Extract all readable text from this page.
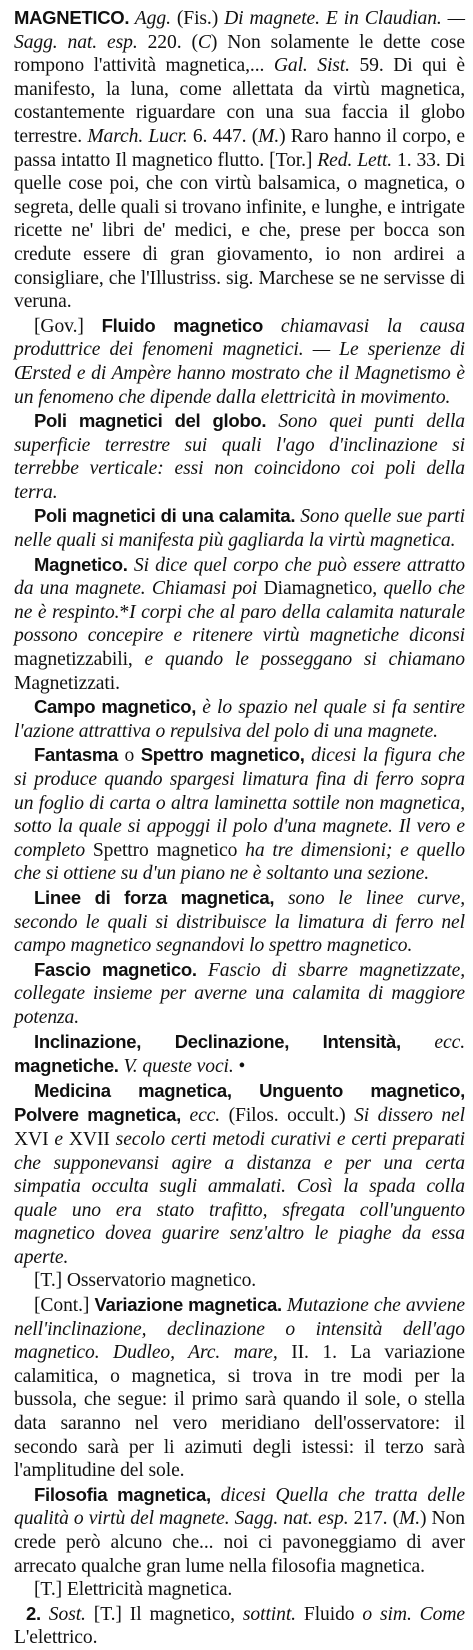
MAGNETICO. Agg. (Fis.) Di magnete. E in Claudian. — Sagg. nat. esp. 220. (C) Non solamente le dette cose rompono l'attività magnetica,... Gal. Sist. 59. Di qui è manifesto, la luna, come allettata da virtù magnetica, costantemente riguardare con una sua faccia il globo terrestre. March. Lucr. 6. 447. (M.) Raro hanno il corpo, e passa intatto Il magnetico flutto. [Tor.] Red. Lett. 1. 33. Di quelle cose poi, che con virtù balsamica, o magnetica, o segreta, delle quali si trovano infinite, e lunghe, e intrigate ricette ne' libri de' medici, e che, prese per bocca son credute essere di gran giovamento, io non ardirei a consigliare, che l'Illustriss. sig. Marchese se ne servisse di veruna.

[Gov.] Fluido magnetico chiamavasi la causa produttrice dei fenomeni magnetici. — Le sperienze di Œrsted e di Ampère hanno mostrato che il Magnetismo è un fenomeno che dipende dalla elettricità in movimento.

Poli magnetici del globo. Sono quei punti della superficie terrestre sui quali l'ago d'inclinazione si terrebbe verticale: essi non coincidono coi poli della terra.

Poli magnetici di una calamita. Sono quelle sue parti nelle quali si manifesta più gagliarda la virtù magnetica.

Magnetico. Si dice quel corpo che può essere attratto da una magnete. Chiamasi poi Diamagnetico, quello che ne è respinto.*I corpi che al paro della calamita naturale possono concepire e ritenere virtù magnetiche diconsi magnetizzabili, e quando le posseggano si chiamano Magnetizzati.

Campo magnetico, è lo spazio nel quale si fa sentire l'azione attrattiva o repulsiva del polo di una magnete.

Fantasma o Spettro magnetico, dicesi la figura che si produce quando spargesi limatura fina di ferro sopra un foglio di carta o altra laminetta sottile non magnetica, sotto la quale si appoggi il polo d'una magnete. Il vero e completo Spettro magnetico ha tre dimensioni; e quello che si ottiene su d'un piano ne è soltanto una sezione.

Linee di forza magnetica, sono le linee curve, secondo le quali si distribuisce la limatura di ferro nel campo magnetico segnandovi lo spettro magnetico.

Fascio magnetico. Fascio di sbarre magnetizzate, collegate insieme per averne una calamita di maggiore potenza.

Inclinazione, Declinazione, Intensità, ecc. magnetiche. V. queste voci. •

Medicina magnetica, Unguento magnetico, Polvere magnetica, ecc. (Filos. occult.) Si dissero nel XVI e XVII secolo certi metodi curativi e certi preparati che supponevansi agire a distanza e per una certa simpatia occulta sugli ammalati. Così la spada colla quale uno era stato trafitto, sfregata coll'unguento magnetico dovea guarire senz'altro le piaghe da essa aperte.

[T.] Osservatorio magnetico.

[Cont.] Variazione magnetica. Mutazione che avviene nell'inclinazione, declinazione o intensità dell'ago magnetico. Dudleo, Arc. mare, II. 1. La variazione calamitica, o magnetica, si trova in tre modi per la bussola, che segue: il primo sarà quando il sole, o stella data saranno nel vero meridiano dell'osservatore: il secondo sarà per li azimuti degli istessi: il terzo sarà l'amplitudine del sole.

Filosofia magnetica, dicesi Quella che tratta delle qualità o virtù del magnete. Sagg. nat. esp. 217. (M.) Non crede però alcuno che... noi ci pavoneggiamo di aver arrecato qualche gran lume nella filosofia magnetica.

[T.] Elettricità magnetica.

2. Sost. [T.] Il magnetico, sottint. Fluido o sim. Come L'elettrico.
